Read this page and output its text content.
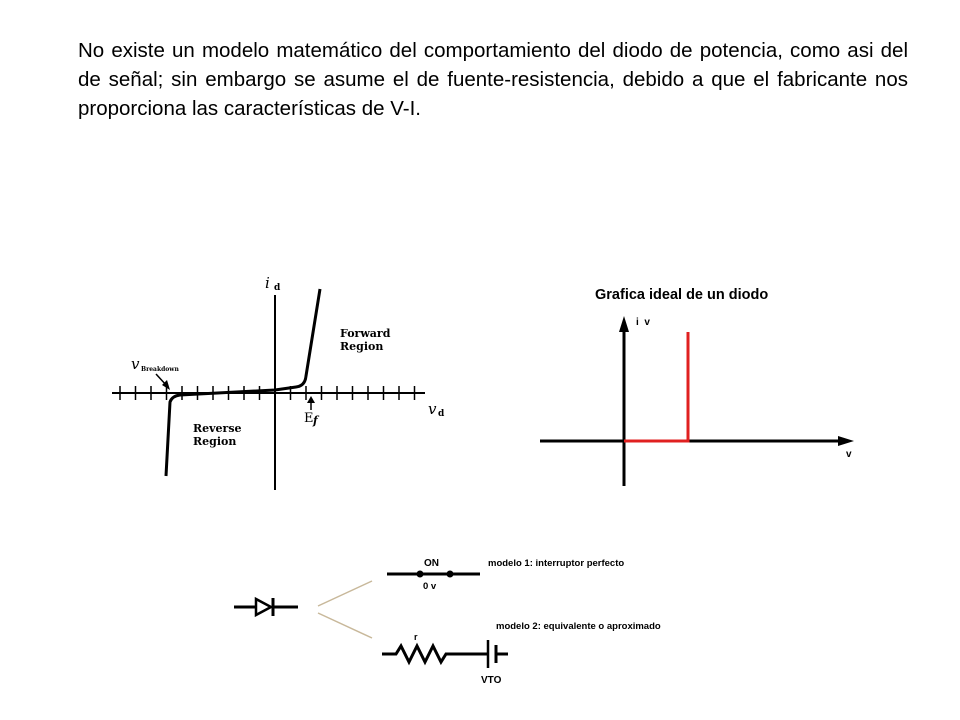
No existe un modelo matemático del comportamiento del diodo de potencia, como asi del de señal; sin embargo se asume el de fuente-resistencia, debido a que el fabricante nos proporciona las características de V-I.

i d
v d
Forward
Region
Reverse
Region
v Breakdown
E f
Grafica ideal de un diodo
i  v
v
ON
0 v
modelo 1: interruptor perfecto
r
VTO
modelo 2: equivalente o aproximado
